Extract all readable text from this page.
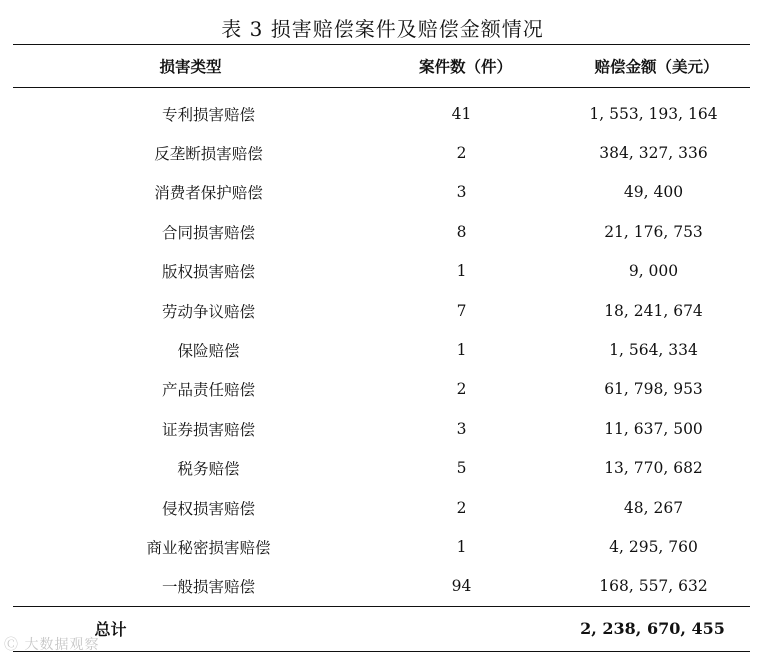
表 3 损害赔偿案件及赔偿金额情况
损害类型	案件数（件）	赔偿金额（美元）

专利损害赔偿	41	1, 553, 193, 164
反垄断损害赔偿	2	384, 327, 336
消费者保护赔偿	3	49, 400
合同损害赔偿	8	21, 176, 753
版权损害赔偿	1	9, 000
劳动争议赔偿	7	18, 241, 674
保险赔偿	1	1, 564, 334
产品责任赔偿	2	61, 798, 953
证券损害赔偿	3	11, 637, 500
税务赔偿	5	13, 770, 682
侵权损害赔偿	2	48, 267
商业秘密损害赔偿	1	4, 295, 760
一般损害赔偿	94	168, 557, 632
总计		2, 238, 670, 455
Ⓒ 大数据观察
